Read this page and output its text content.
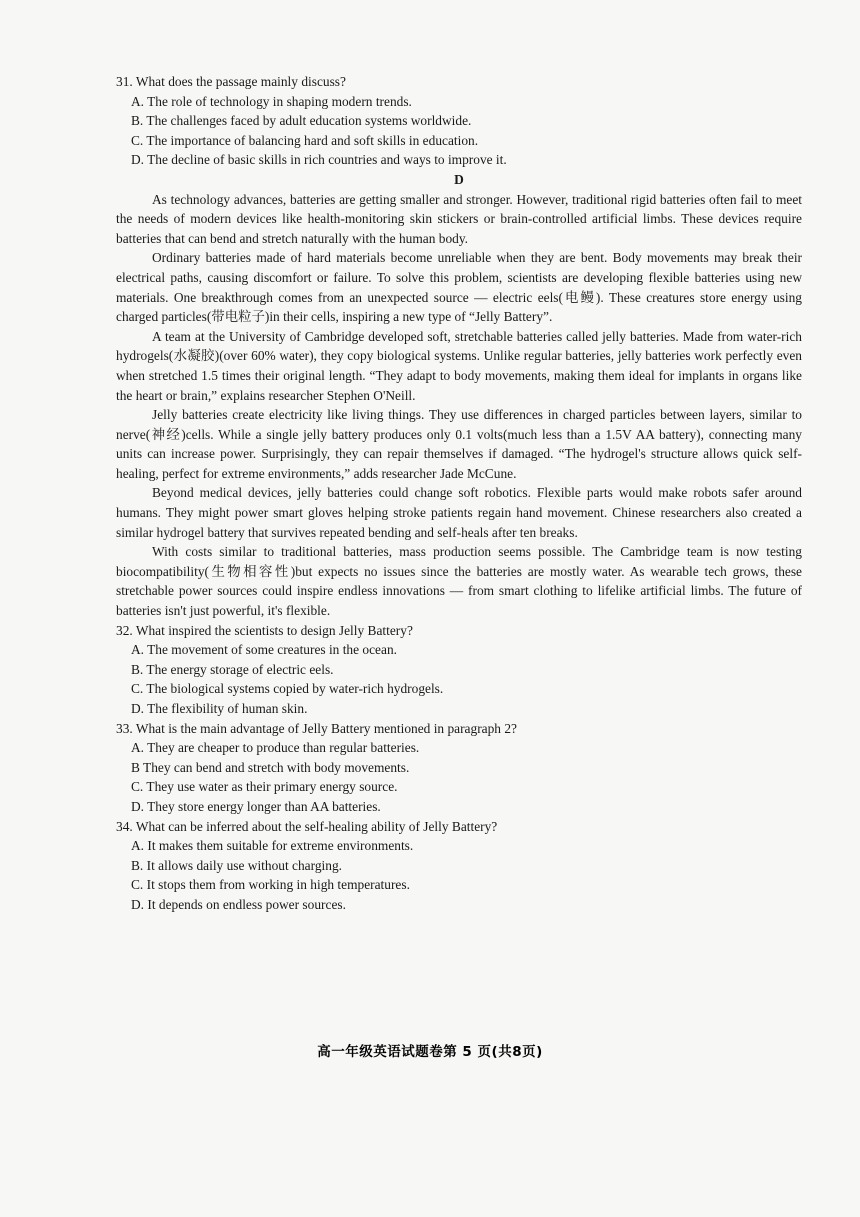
31. What does the passage mainly discuss?
A. The role of technology in shaping modern trends.
B. The challenges faced by adult education systems worldwide.
C. The importance of balancing hard and soft skills in education.
D. The decline of basic skills in rich countries and ways to improve it.
D

As technology advances, batteries are getting smaller and stronger. However, traditional rigid batteries often fail to meet the needs of modern devices like health-monitoring skin stickers or brain-controlled artificial limbs. These devices require batteries that can bend and stretch naturally with the human body.

Ordinary batteries made of hard materials become unreliable when they are bent. Body movements may break their electrical paths, causing discomfort or failure. To solve this problem, scientists are developing flexible batteries using new materials. One breakthrough comes from an unexpected source — electric eels(电鳗). These creatures store energy using charged particles(带电粒子)in their cells, inspiring a new type of “Jelly Battery”.

A team at the University of Cambridge developed soft, stretchable batteries called jelly batteries. Made from water-rich hydrogels(水凝胶)(over 60% water), they copy biological systems. Unlike regular batteries, jelly batteries work perfectly even when stretched 1.5 times their original length. “They adapt to body movements, making them ideal for implants in organs like the heart or brain,” explains researcher Stephen O'Neill.

Jelly batteries create electricity like living things. They use differences in charged particles between layers, similar to nerve(神经)cells. While a single jelly battery produces only 0.1 volts(much less than a 1.5V AA battery), connecting many units can increase power. Surprisingly, they can repair themselves if damaged. “The hydrogel's structure allows quick self-healing, perfect for extreme environments,” adds researcher Jade McCune.

Beyond medical devices, jelly batteries could change soft robotics. Flexible parts would make robots safer around humans. They might power smart gloves helping stroke patients regain hand movement. Chinese researchers also created a similar hydrogel battery that survives repeated bending and self-heals after ten breaks.

With costs similar to traditional batteries, mass production seems possible. The Cambridge team is now testing biocompatibility(生物相容性)but expects no issues since the batteries are mostly water. As wearable tech grows, these stretchable power sources could inspire endless innovations — from smart clothing to lifelike artificial limbs. The future of batteries isn't just powerful, it's flexible.

32. What inspired the scientists to design Jelly Battery?
A. The movement of some creatures in the ocean.
B. The energy storage of electric eels.
C. The biological systems copied by water-rich hydrogels.
D. The flexibility of human skin.
33. What is the main advantage of Jelly Battery mentioned in paragraph 2?
A. They are cheaper to produce than regular batteries.
B They can bend and stretch with body movements.
C. They use water as their primary energy source.
D. They store energy longer than AA batteries.
34. What can be inferred about the self-healing ability of Jelly Battery?
A. It makes them suitable for extreme environments.
B. It allows daily use without charging.
C. It stops them from working in high temperatures.
D. It depends on endless power sources.
高一年级英语试题卷第 5 页(共8页)
